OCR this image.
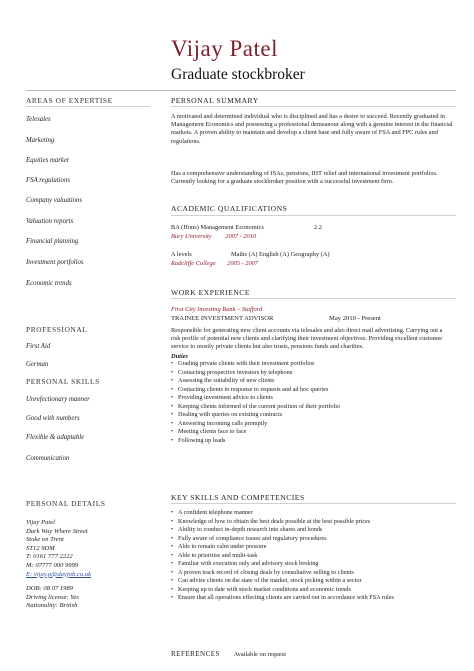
Vijay Patel
Graduate stockbroker
AREAS OF EXPERTISE
Telesales
Marketing
Equities market
FSA regulations
Company valuations
Valuation reports
Financial planning
Investment portfolios
Economic trends
PROFESSIONAL
First Aid
German
PERSONAL SKILLS
Unrefectionary manner
Good with numbers
Flexible & adaptable
Communication
PERSONAL DETAILS
Vijay Patel
Dark Way Where Street
Stoke on Trent
ST12 9DM
T: 0161 777 2222
M: 07777 000 9999
E: vijay.p@dayjob.co.uk
DOB: 08 07 1989
Driving license: Yes
Nationality: British
PERSONAL SUMMARY
A motivated and determined individual who is disciplined and has a desire to succeed. Recently graduated in Management Economics and possessing a professional demeanour along with a genuine interest in the financial markets. A proven ability to maintain and develop a client base and fully aware of FSA and FPC rules and regulations.
Has a comprehensive understanding of ISAs, pensions, IHT relief and international investment portfolios. Currently looking for a graduate stockbroker position with a successful investment firm.
ACADEMIC QUALIFICATIONS
BA (Hons) Management Economics	2.2
Bury University 2007 - 2010
A levels	Maths (A) English (A) Geography (A)
Radcliffe College 2005 - 2007
WORK EXPERIENCE
First City Investing Bank – Stafford
TRAINEE INVESTMENT ADVISOR	May 2010 - Present
Responsible for generating new client accounts via telesales and also direct mail advertising. Carrying out a risk profile of potential new clients and clarifying their investment objectives. Providing excellent customer service to mostly private clients but also trusts, pensions funds and charities.
Duties
• Grading private clients with their investment portfolios
• Contacting prospective investors by telephone
• Assessing the suitability of new clients
• Contacting clients in response to requests and ad hoc queries
• Providing investment advice to clients
• Keeping clients informed of the current position of their portfolio
• Dealing with queries on existing contracts
• Answering incoming calls promptly
• Meeting clients face to face
• Following up leads
KEY SKILLS AND COMPETENCIES
• A confident telephone manner
• Knowledge of how to obtain the best deals possible at the best possible prices
• Ability to conduct in-depth research into shares and bonds
• Fully aware of compliance issues and regulatory procedures
• Able to remain calm under pressure
• Able to prioritise and multi-task
• Familiar with execution only and advisory stock broking
• A proven track record of closing deals by consultative selling to clients
• Can advise clients on the state of the market, stock picking within a sector
• Keeping up to date with stock market conditions and economic trends
• Ensure that all operations effecting clients are carried out in accordance with FSA rules
REFERENCES Available on request
